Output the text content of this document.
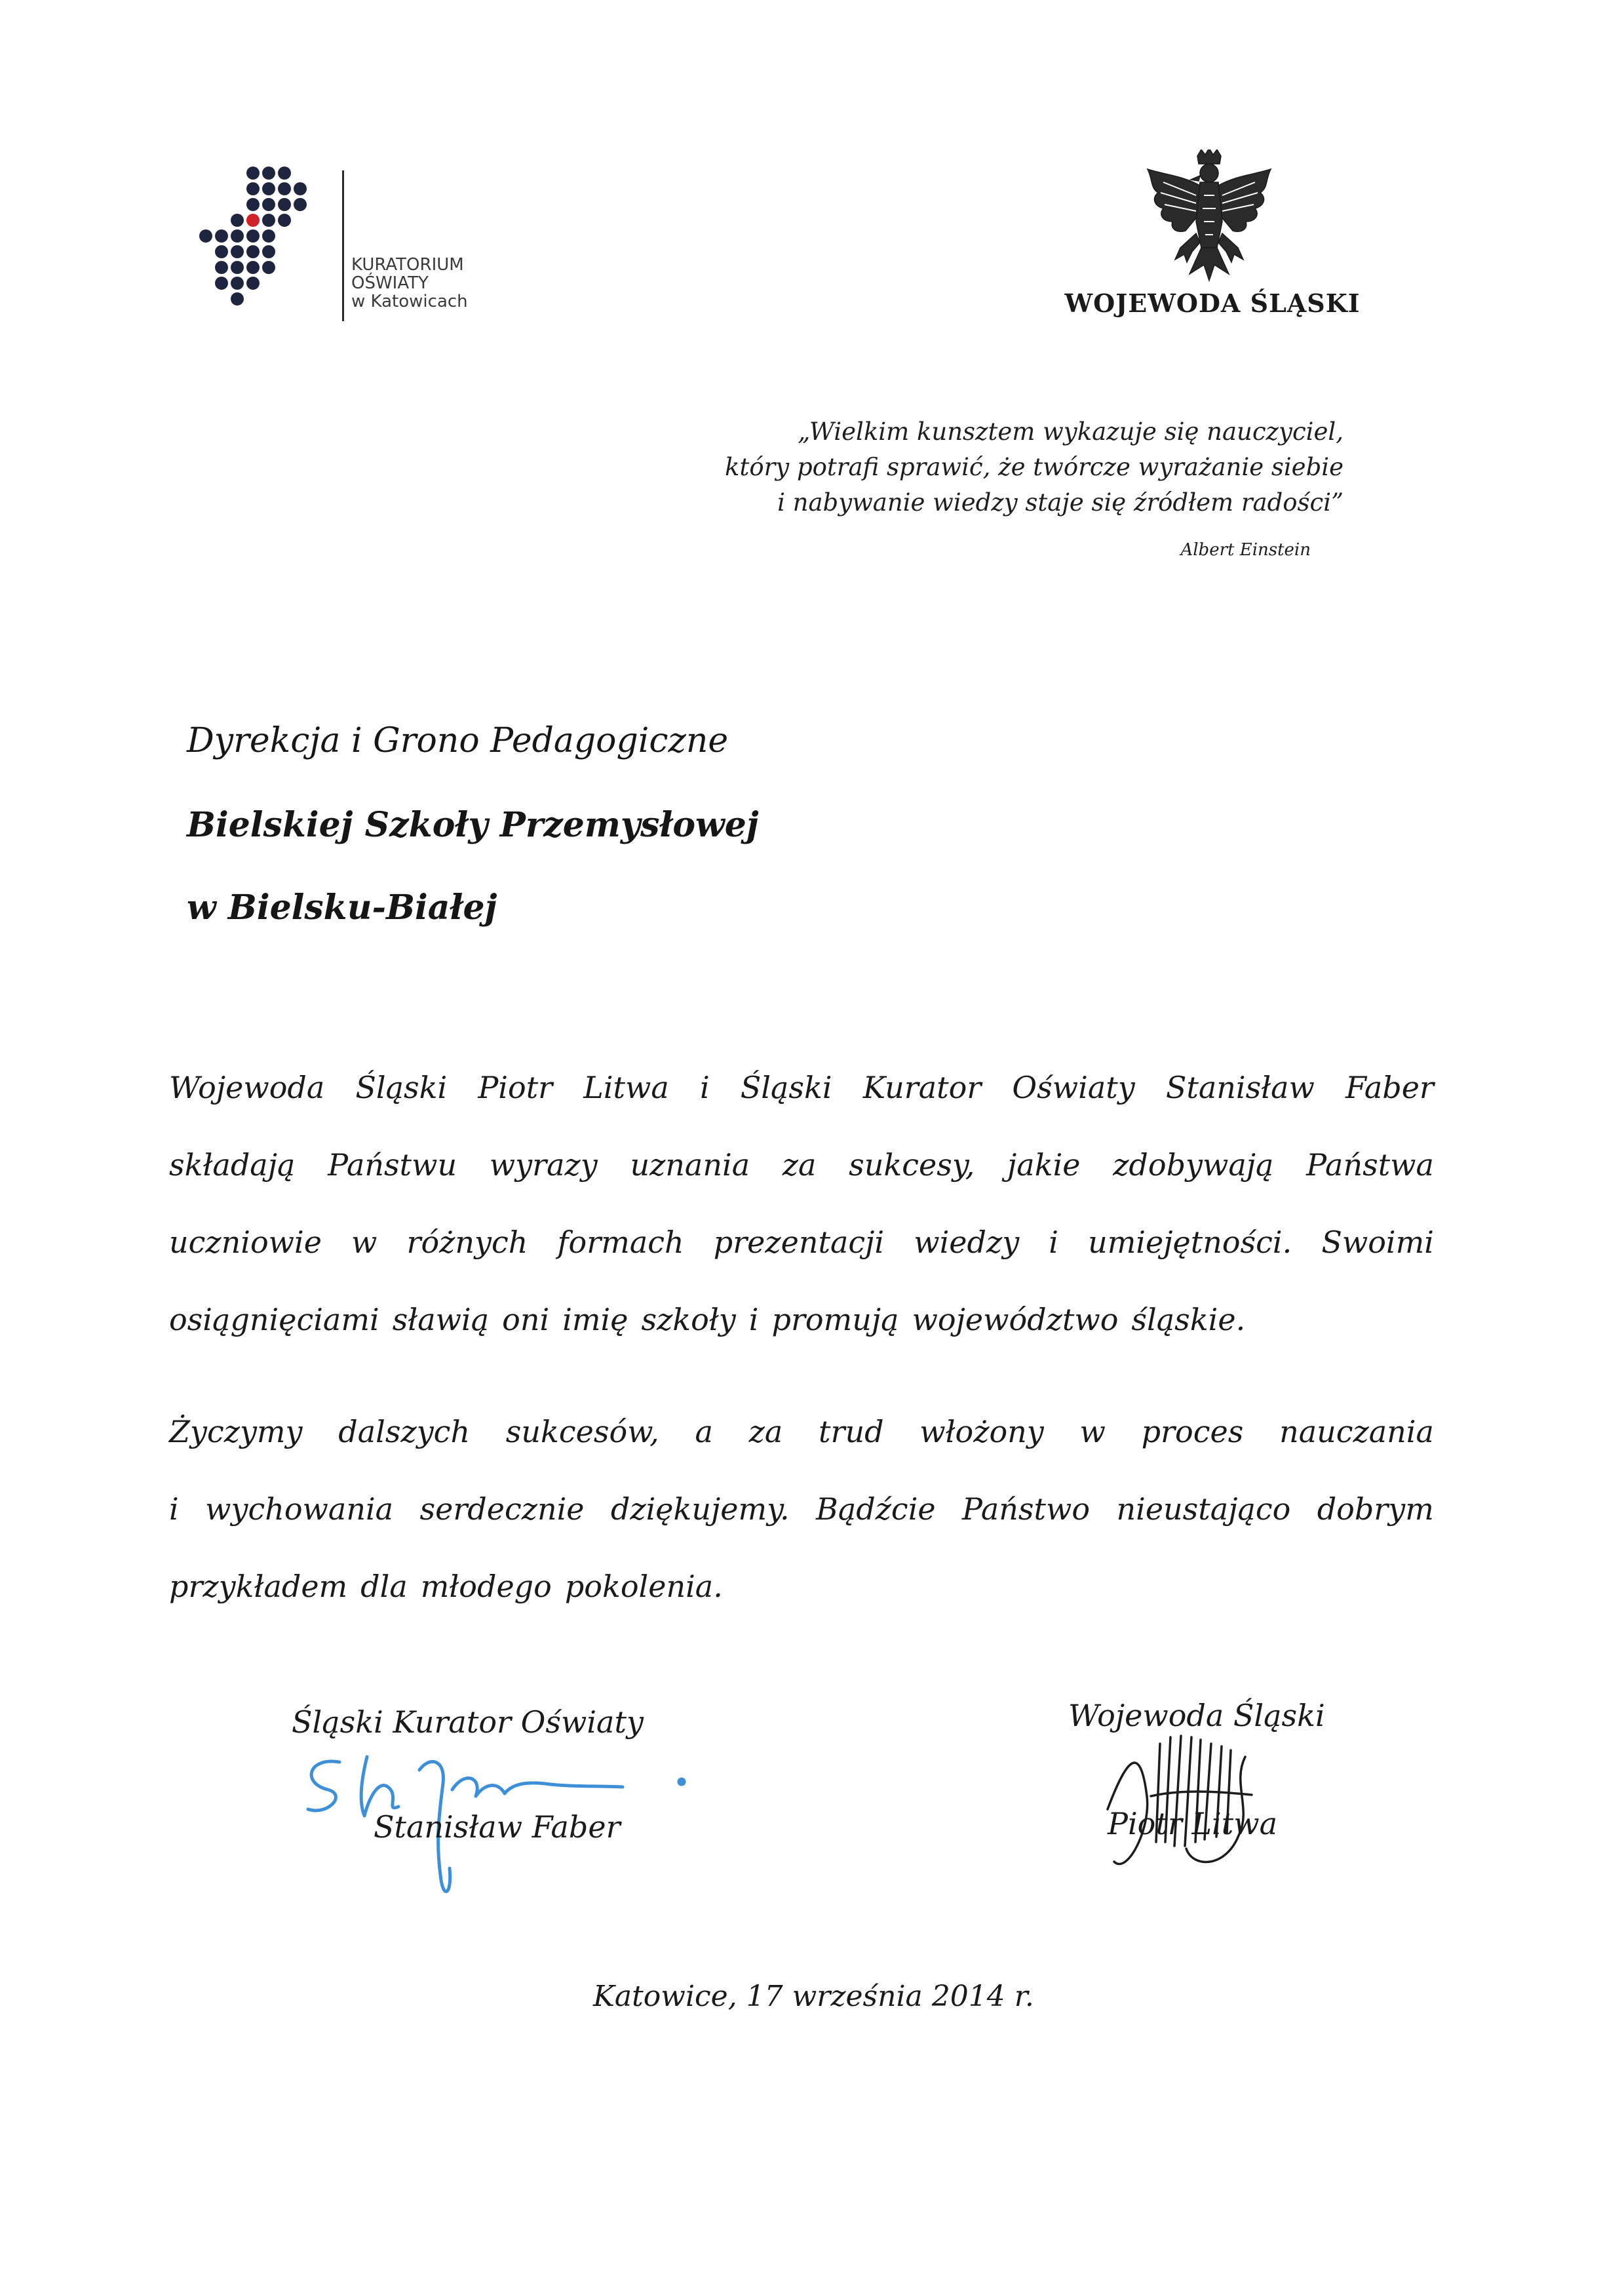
KURATORIUM
OŚWIATY
w Katowicach	WOJEWODA ŚLĄSKI
„Wielkim kunsztem wykazuje się nauczyciel,
który potrafi sprawić, że twórcze wyrażanie siebie
i nabywanie wiedzy staje się źródłem radości”
Albert Einstein
Dyrekcja i Grono Pedagogiczne
Bielskiej Szkoły Przemysłowej
w Bielsku-Białej
Wojewoda Śląski Piotr Litwa i Śląski Kurator Oświaty Stanisław Faber
składają Państwu wyrazy uznania za sukcesy, jakie zdobywają Państwa
uczniowie w różnych formach prezentacji wiedzy i umiejętności. Swoimi
osiągnięciami sławią oni imię szkoły i promują województwo śląskie.
Życzymy dalszych sukcesów, a za trud włożony w proces nauczania
i wychowania serdecznie dziękujemy. Bądźcie Państwo nieustająco dobrym
przykładem dla młodego pokolenia.
Śląski Kurator Oświaty
Stanisław Faber
Wojewoda Śląski
Piotr Litwa
Katowice, 17 września 2014 r.
